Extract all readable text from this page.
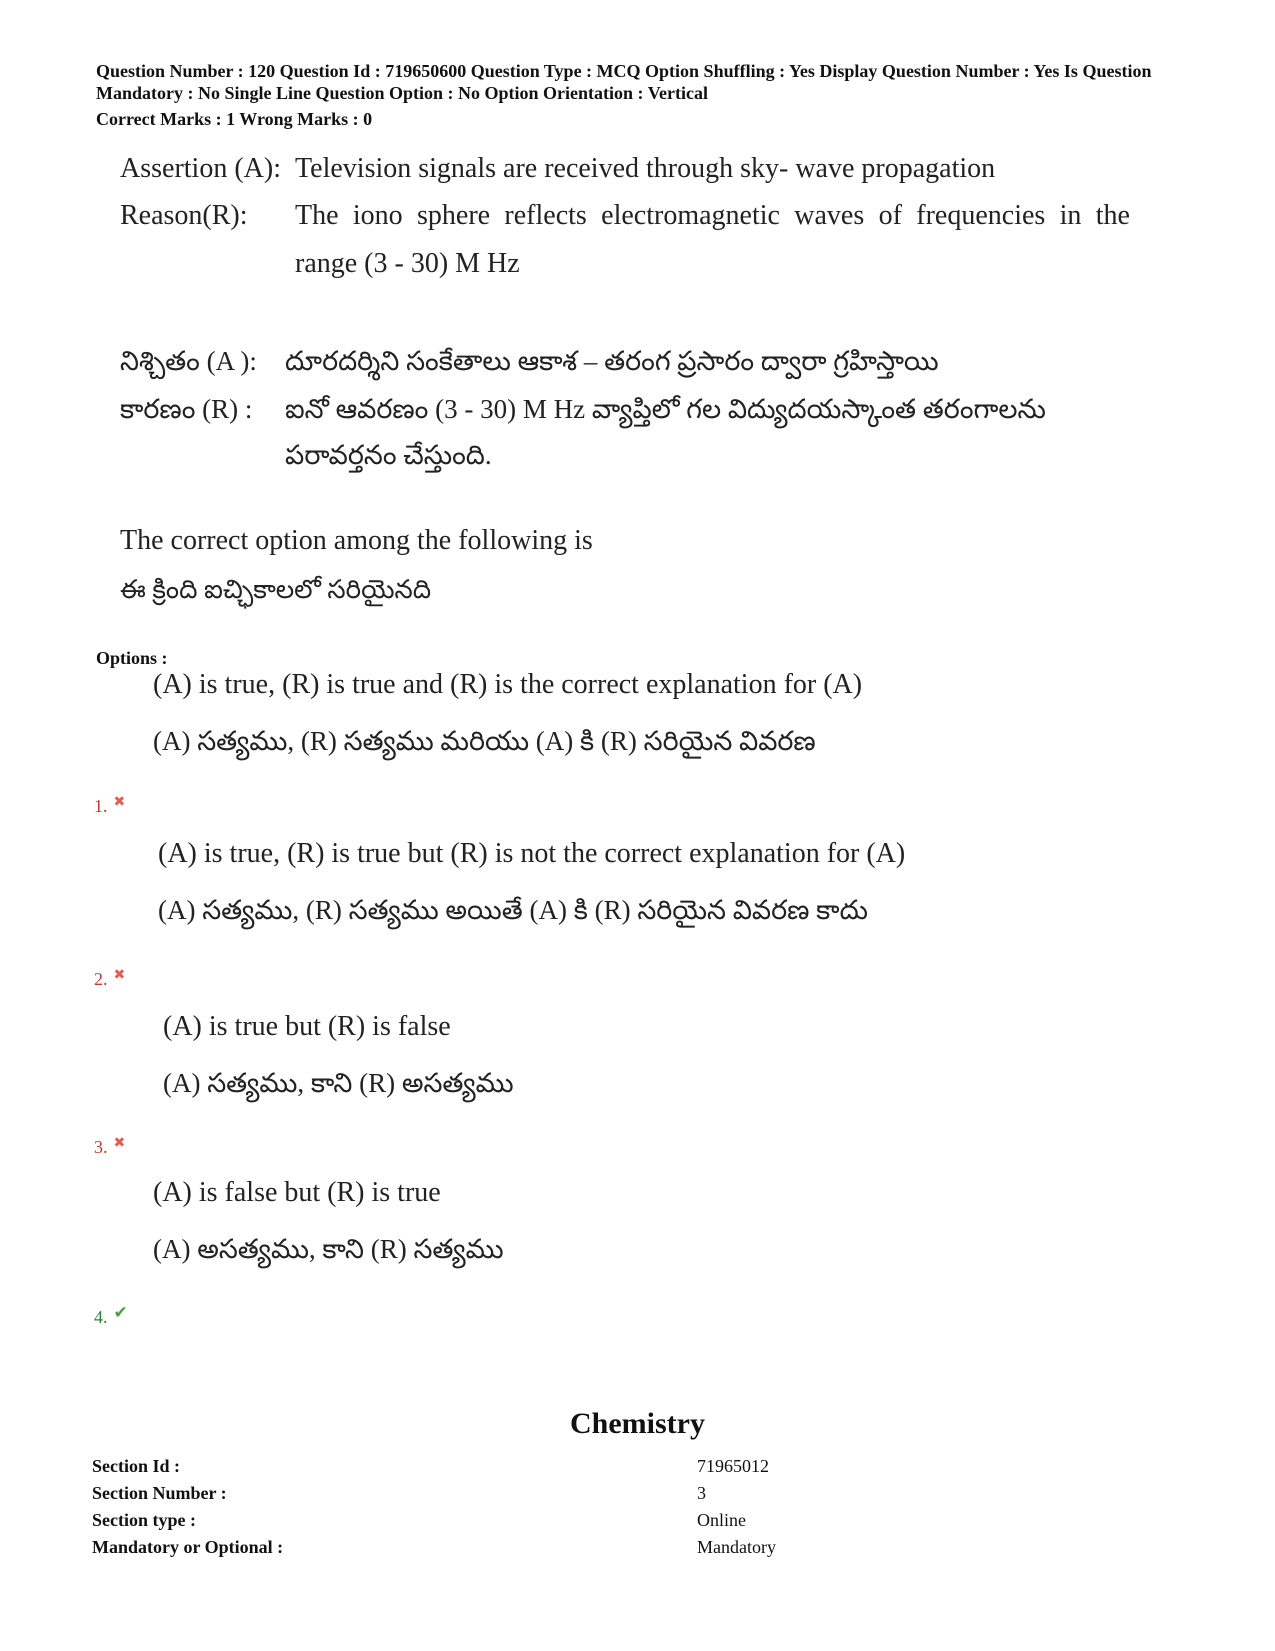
Question Number : 120 Question Id : 719650600 Question Type : MCQ Option Shuffling : Yes Display Question Number : Yes Is Question Mandatory : No Single Line Question Option : No Option Orientation : Vertical
Correct Marks : 1 Wrong Marks : 0
Assertion (A): Television signals are received through sky- wave propagation
Reason(R):	The iono sphere reflects electromagnetic waves of frequencies in the range (3 - 30) M Hz
నిశ్చితం (A ):	దూరదర్శిని సంకేతాలు ఆకాశ – తరంగ ప్రసారం ద్వారా గ్రహిస్తాయి
కారణం (R) :	ఐనో ఆవరణం (3 - 30) M Hz వ్యాప్తిలో గల విద్యుదయస్కాంత తరంగాలను పరావర్తనం చేస్తుంది.
The correct option among the following is
ఈ క్రింది ఐచ్ఛికాలలో సరియైనది
Options :
(A) is true, (R) is true and (R) is the correct explanation for (A)
(A) సత్యము, (R) సత్యము మరియు (A) కి (R) సరియైన వివరణ
1. ✖
(A) is true, (R) is true but (R) is not the correct explanation for (A)
(A) సత్యము, (R) సత్యము అయితే (A) కి (R) సరియైన వివరణ కాదు
2. ✖
(A) is true but (R) is false
(A) సత్యము, కాని (R) అసత్యము
3. ✖
(A) is false but (R) is true
(A) అసత్యము, కాని (R) సత్యము
4. ✔
Chemistry
Section Id :	71965012
Section Number :	3
Section type :	Online
Mandatory or Optional :	Mandatory
